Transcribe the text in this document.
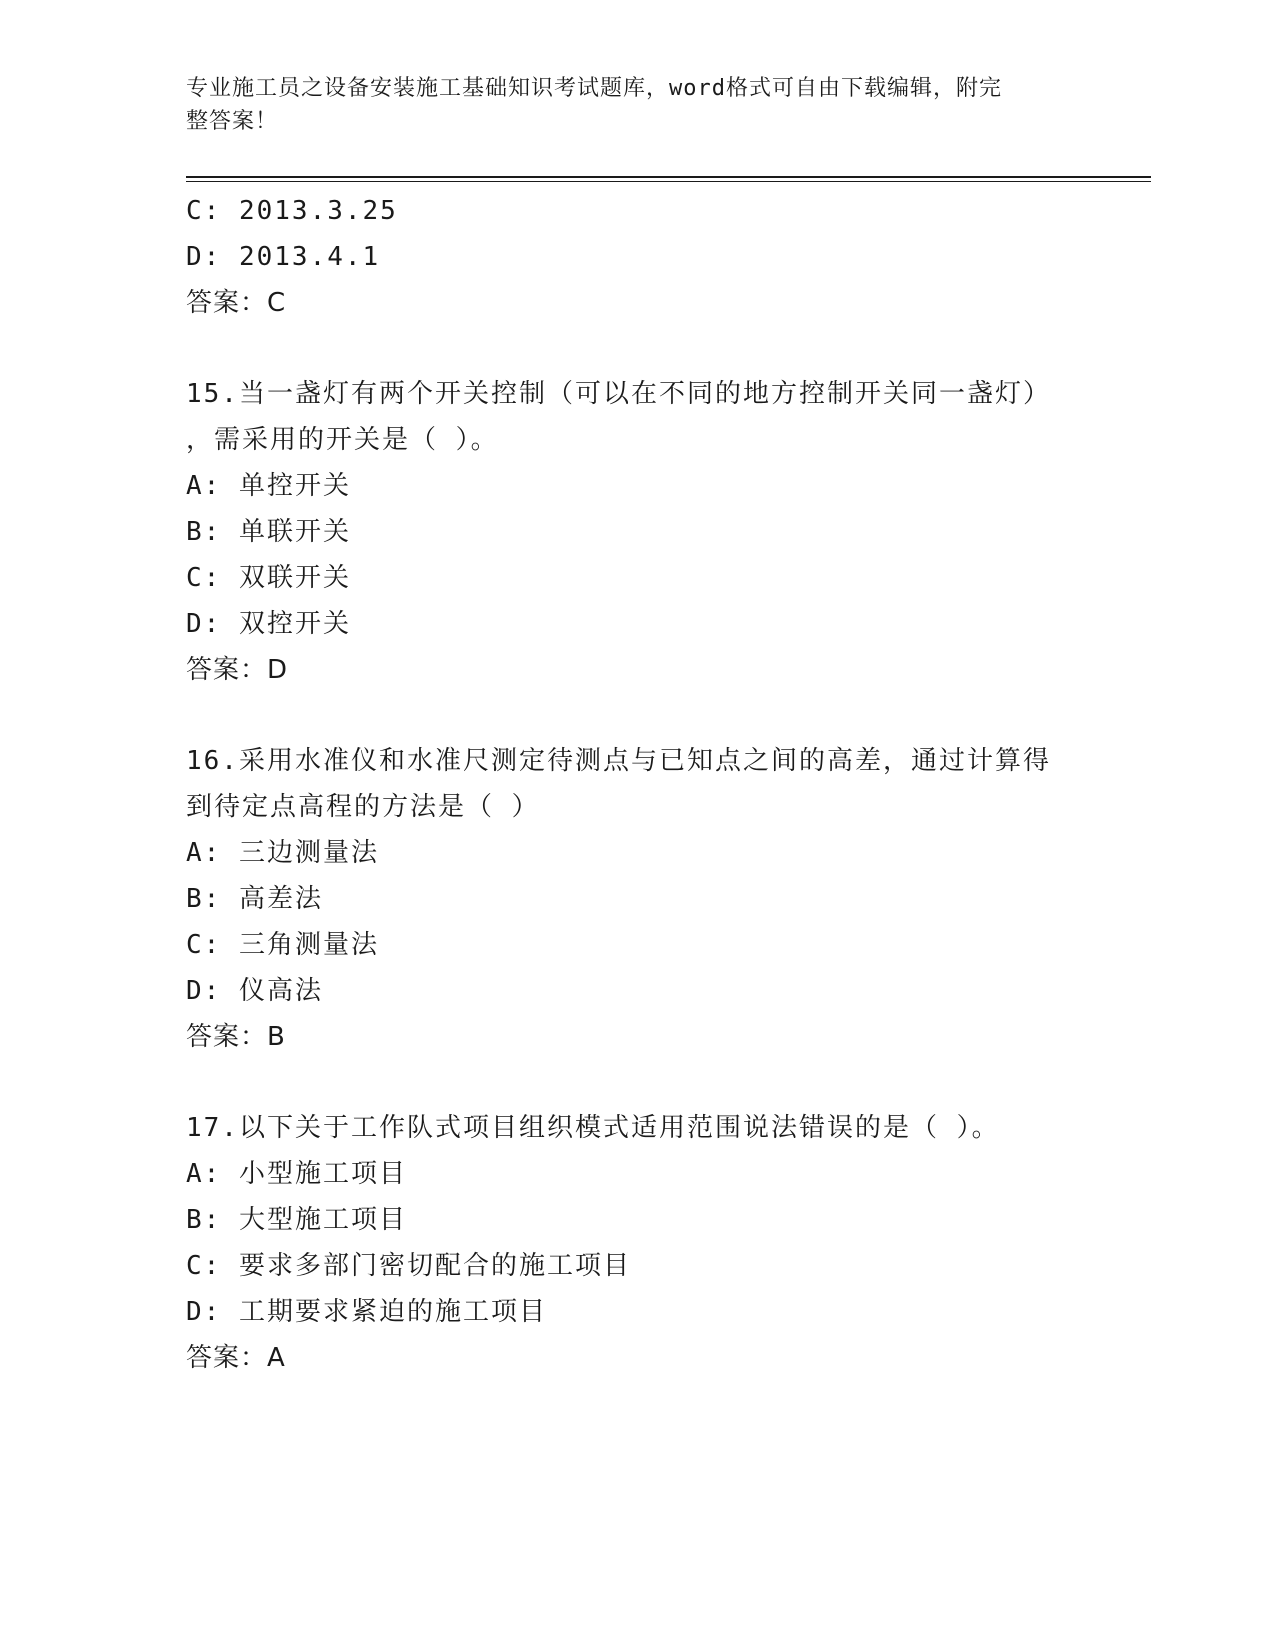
专业施工员之设备安装施工基础知识考试题库，word格式可自由下载编辑，附完
整答案！
C: 2013.3.25
D: 2013.4.1
答案：C
15.当一盏灯有两个开关控制（可以在不同的地方控制开关同一盏灯）
，需采用的开关是（ ）。
A: 单控开关
B: 单联开关
C: 双联开关
D: 双控开关
答案：D
16.采用水准仪和水准尺测定待测点与已知点之间的高差，通过计算得
到待定点高程的方法是（ ）
A: 三边测量法
B: 高差法
C: 三角测量法
D: 仪高法
答案：B
17.以下关于工作队式项目组织模式适用范围说法错误的是（ ）。
A: 小型施工项目
B: 大型施工项目
C: 要求多部门密切配合的施工项目
D: 工期要求紧迫的施工项目
答案：A
